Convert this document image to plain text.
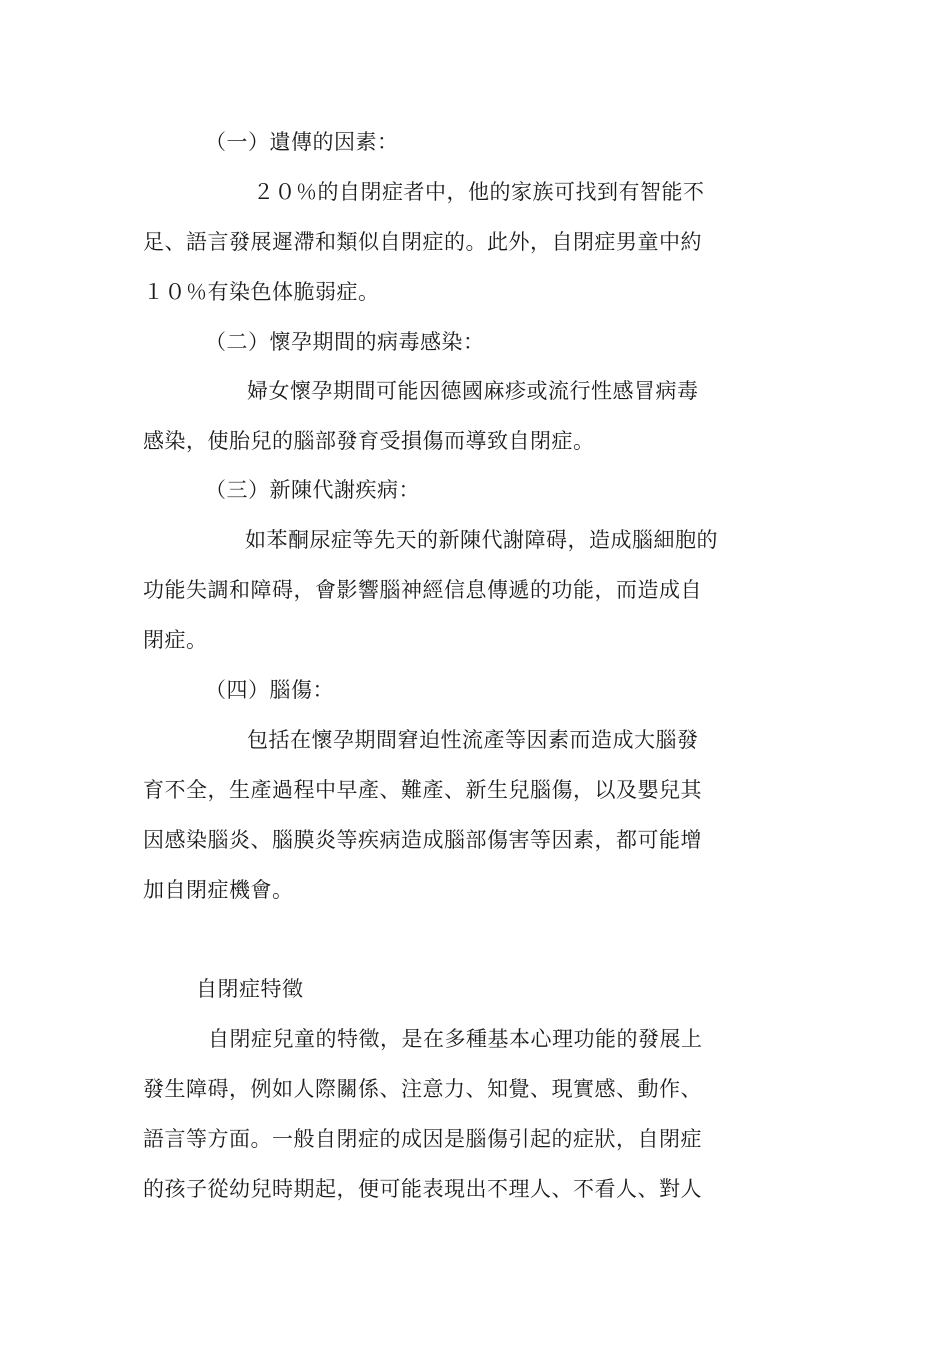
（一）遺傳的因素：
２０％的自閉症者中，他的家族可找到有智能不
足、語言發展遲滯和類似自閉症的。此外，自閉症男童中約
１０％有染色体脆弱症。
（二）懷孕期間的病毒感染：
婦女懷孕期間可能因德國麻疹或流行性感冒病毒
感染，使胎兒的腦部發育受損傷而導致自閉症。
（三）新陳代謝疾病：
如苯酮尿症等先天的新陳代謝障碍，造成腦細胞的
功能失調和障碍，會影響腦神經信息傳遞的功能，而造成自
閉症。
（四）腦傷：
包括在懷孕期間窘迫性流產等因素而造成大腦發
育不全，生產過程中早產、難產、新生兒腦傷，以及嬰兒其
因感染腦炎、腦膜炎等疾病造成腦部傷害等因素，都可能增
加自閉症機會。
自閉症特徵
自閉症兒童的特徵，是在多種基本心理功能的發展上
發生障碍，例如人際關係、注意力、知覺、現實感、動作、
語言等方面。一般自閉症的成因是腦傷引起的症狀，自閉症
的孩子從幼兒時期起，便可能表現出不理人、不看人、對人
